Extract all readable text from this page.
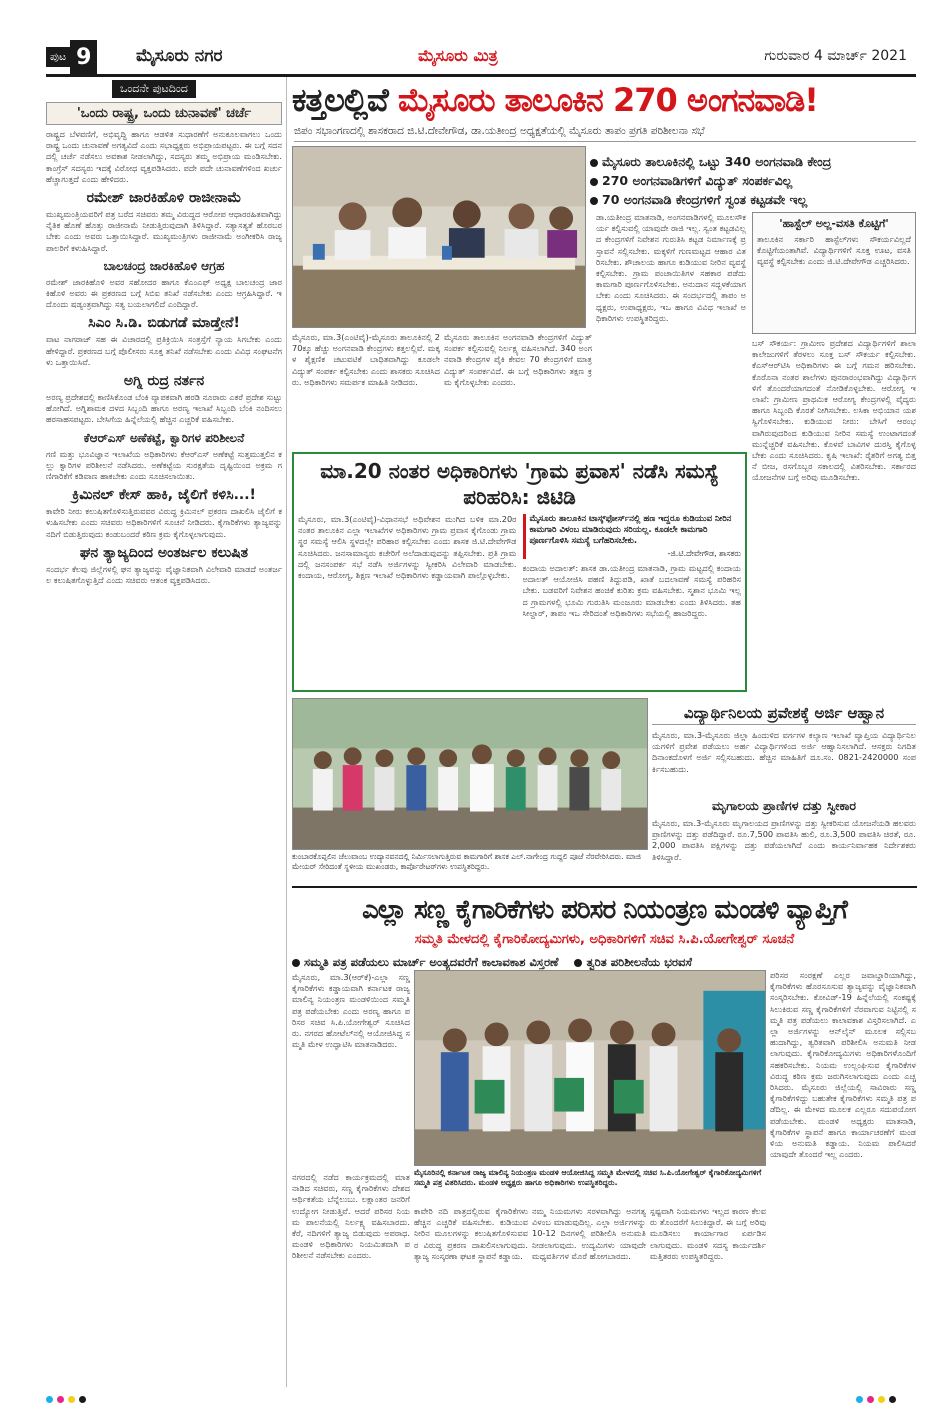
ಪುಟ 9	ಮೈಸೂರು ನಗರ	ಮೈಸೂರು ಮಿತ್ರ	ಗುರುವಾರ 4 ಮಾರ್ಚ್ 2021
ಒಂದನೇ ಪುಟದಿಂದ
'ಒಂದು ರಾಷ್ಟ್ರ, ಒಂದು ಚುನಾವಣೆ' ಚರ್ಚೆ
ರಾಷ್ಟ್ರದ ಬೆಳವಣಿಗೆ, ಅಭಿವೃದ್ಧಿ ಹಾಗೂ ಆಡಳಿತ ಸುಧಾರಣೆಗೆ ಅನುಕೂಲವಾಗಲು ಒಂದು ರಾಷ್ಟ್ರ ಒಂದು ಚುನಾವಣೆ ಅಗತ್ಯವಿದೆ ಎಂದು ಸಭಾಧ್ಯಕ್ಷರು ಅಭಿಪ್ರಾಯಪಟ್ಟರು. ಈ ಬಗ್ಗೆ ಸದನದಲ್ಲಿ ಚರ್ಚೆ ನಡೆಸಲು ಅವಕಾಶ ನೀಡಲಾಗಿದ್ದು, ಸದಸ್ಯರು ತಮ್ಮ ಅಭಿಪ್ರಾಯ ಮಂಡಿಸಬೇಕು. ಕಾಂಗ್ರೆಸ್ ಸದಸ್ಯರು ಇದಕ್ಕೆ ವಿರೋಧ ವ್ಯಕ್ತಪಡಿಸಿದರು. ಪದೇ ಪದೇ ಚುನಾವಣೆಗಳಿಂದ ಖರ್ಚು ಹೆಚ್ಚಾಗುತ್ತದೆ ಎಂದು ಹೇಳಿದರು.
ರಮೇಶ್ ಜಾರಕಿಹೊಳಿ ರಾಜೀನಾಮೆ
ಮುಖ್ಯಮಂತ್ರಿಯವರಿಗೆ ಪತ್ರ ಬರೆದ ಸಚಿವರು ತಮ್ಮ ವಿರುದ್ಧದ ಆರೋಪ ಆಧಾರರಹಿತವಾಗಿದ್ದು ನೈತಿಕ ಹೊಣೆ ಹೊತ್ತು ರಾಜೀನಾಮೆ ನೀಡುತ್ತಿರುವುದಾಗಿ ತಿಳಿಸಿದ್ದಾರೆ. ಸತ್ಯಾಸತ್ಯತೆ ಹೊರಬರಬೇಕು ಎಂದು ಅವರು ಒತ್ತಾಯಿಸಿದ್ದಾರೆ. ಮುಖ್ಯಮಂತ್ರಿಗಳು ರಾಜೀನಾಮೆ ಅಂಗೀಕರಿಸಿ ರಾಜ್ಯಪಾಲರಿಗೆ ಕಳುಹಿಸಿದ್ದಾರೆ.
ಬಾಲಚಂದ್ರ ಜಾರಕಿಹೊಳಿ ಆಗ್ರಹ
ರಮೇಶ್ ಜಾರಕಿಹೊಳಿ ಅವರ ಸಹೋದರ ಹಾಗೂ ಕೆಎಂಎಫ್ ಅಧ್ಯಕ್ಷ ಬಾಲಚಂದ್ರ ಜಾರಕಿಹೊಳಿ ಅವರು ಈ ಪ್ರಕರಣದ ಬಗ್ಗೆ ಸಿಬಿಐ ತನಿಖೆ ನಡೆಸಬೇಕು ಎಂದು ಆಗ್ರಹಿಸಿದ್ದಾರೆ. ಇದೊಂದು ಷಡ್ಯಂತ್ರವಾಗಿದ್ದು ಸತ್ಯ ಬಯಲಾಗಲಿದೆ ಎಂದಿದ್ದಾರೆ.
ಸಿಎಂ ಸಿ.ಡಿ. ಬಿಡುಗಡೆ ಮಾಡ್ತೇನೆ!
ವಾಟ ನಾಗರಾಜ್ ಸಹ ಈ ವಿಚಾರದಲ್ಲಿ ಪ್ರತಿಕ್ರಿಯಿಸಿ ಸಂತ್ರಸ್ತೆಗೆ ನ್ಯಾಯ ಸಿಗಬೇಕು ಎಂದು ಹೇಳಿದ್ದಾರೆ. ಪ್ರಕರಣದ ಬಗ್ಗೆ ಪೊಲೀಸರು ಸೂಕ್ತ ತನಿಖೆ ನಡೆಸಬೇಕು ಎಂದು ವಿವಿಧ ಸಂಘಟನೆಗಳು ಒತ್ತಾಯಿಸಿವೆ.
ಅಗ್ನಿ ರುದ್ರ ನರ್ತನ
ಅರಣ್ಯ ಪ್ರದೇಶದಲ್ಲಿ ಕಾಣಿಸಿಕೊಂಡ ಬೆಂಕಿ ವ್ಯಾಪಕವಾಗಿ ಹರಡಿ ನೂರಾರು ಎಕರೆ ಪ್ರದೇಶ ಸುಟ್ಟು ಹೋಗಿದೆ. ಅಗ್ನಿಶಾಮಕ ದಳದ ಸಿಬ್ಬಂದಿ ಹಾಗೂ ಅರಣ್ಯ ಇಲಾಖೆ ಸಿಬ್ಬಂದಿ ಬೆಂಕಿ ನಂದಿಸಲು ಹರಸಾಹಸಪಟ್ಟರು. ಬೇಸಿಗೆಯ ಹಿನ್ನೆಲೆಯಲ್ಲಿ ಹೆಚ್ಚಿನ ಎಚ್ಚರಿಕೆ ವಹಿಸಬೇಕು.
ಕೆಆರ್‌ಎಸ್ ಅಣೆಕಟ್ಟೆ, ಕ್ವಾರಿಗಳ ಪರಿಶೀಲನೆ
ಗಣಿ ಮತ್ತು ಭೂವಿಜ್ಞಾನ ಇಲಾಖೆಯ ಅಧಿಕಾರಿಗಳು ಕೆಆರ್‌ಎಸ್ ಅಣೆಕಟ್ಟೆ ಸುತ್ತಮುತ್ತಲಿನ ಕಲ್ಲು ಕ್ವಾರಿಗಳ ಪರಿಶೀಲನೆ ನಡೆಸಿದರು. ಅಣೆಕಟ್ಟೆಯ ಸುರಕ್ಷತೆಯ ದೃಷ್ಟಿಯಿಂದ ಅಕ್ರಮ ಗಣಿಗಾರಿಕೆಗೆ ಕಡಿವಾಣ ಹಾಕಬೇಕು ಎಂದು ಸೂಚಿಸಲಾಯಿತು.
ಕ್ರಿಮಿನಲ್ ಕೇಸ್ ಹಾಕಿ, ಜೈಲಿಗೆ ಕಳಿಸಿ...!
ಕಾವೇರಿ ನೀರು ಕಲುಷಿತಗೊಳಿಸುತ್ತಿರುವವರ ವಿರುದ್ಧ ಕ್ರಿಮಿನಲ್ ಪ್ರಕರಣ ದಾಖಲಿಸಿ ಜೈಲಿಗೆ ಕಳುಹಿಸಬೇಕು ಎಂದು ಸಚಿವರು ಅಧಿಕಾರಿಗಳಿಗೆ ಸೂಚನೆ ನೀಡಿದರು. ಕೈಗಾರಿಕೆಗಳು ತ್ಯಾಜ್ಯವನ್ನು ನದಿಗೆ ಬಿಡುತ್ತಿರುವುದು ಕಂಡುಬಂದರೆ ಕಠಿಣ ಕ್ರಮ ಕೈಗೊಳ್ಳಲಾಗುವುದು.
ಘನ ತ್ಯಾಜ್ಯದಿಂದ ಅಂತರ್ಜಲ ಕಲುಷಿತ
ಸಂದರ್ಭ ಕೆಲವು ಜಿಲ್ಲೆಗಳಲ್ಲಿ ಘನ ತ್ಯಾಜ್ಯವನ್ನು ವೈಜ್ಞಾನಿಕವಾಗಿ ವಿಲೇವಾರಿ ಮಾಡದೆ ಅಂತರ್ಜಲ ಕಲುಷಿತಗೊಳ್ಳುತ್ತಿದೆ ಎಂದು ಸಚಿವರು ಆತಂಕ ವ್ಯಕ್ತಪಡಿಸಿದರು.
ಕತ್ತಲಲ್ಲಿವೆ ಮೈಸೂರು ತಾಲೂಕಿನ 270 ಅಂಗನವಾಡಿ!
ಜಿಪಂ ಸಭಾಂಗಣದಲ್ಲಿ ಶಾಸಕರಾದ ಜಿ.ಟಿ.ದೇವೇಗೌಡ, ಡಾ.ಯತೀಂದ್ರ ಅಧ್ಯಕ್ಷತೆಯಲ್ಲಿ ಮೈಸೂರು ತಾಪಂ ಪ್ರಗತಿ ಪರಿಶೀಲನಾ ಸಭೆ
ಮೈಸೂರು ತಾಲೂಕಿನಲ್ಲಿ ಒಟ್ಟು 340 ಅಂಗನವಾಡಿ ಕೇಂದ್ರ
270 ಅಂಗನವಾಡಿಗಳಿಗೆ ವಿದ್ಯುತ್ ಸಂಪರ್ಕವಿಲ್ಲ
70 ಅಂಗನವಾಡಿ ಕೇಂದ್ರಗಳಿಗೆ ಸ್ವಂತ ಕಟ್ಟಡವೇ ಇಲ್ಲ
ಮೈಸೂರು, ಮಾ.3(ಎಂಟಿವೈ)-ಮೈಸೂರು ತಾಲೂಕಿನಲ್ಲಿ 270ಕ್ಕೂ ಹೆಚ್ಚು ಅಂಗನವಾಡಿ ಕೇಂದ್ರಗಳು ಕತ್ತಲಲ್ಲಿವೆ. ಮಕ್ಕಳ ಶೈಕ್ಷಣಿಕ ಚಟುವಟಿಕೆ ಬಾಧಿತವಾಗಿದ್ದು ಕೂಡಲೇ ವಿದ್ಯುತ್ ಸಂಪರ್ಕ ಕಲ್ಪಿಸಬೇಕು ಎಂದು ಶಾಸಕರು ಸೂಚಿಸಿದರು. ಅಧಿಕಾರಿಗಳು ಸಮರ್ಪಕ ಮಾಹಿತಿ ನೀಡಿದರು.
ಮೈಸೂರು ತಾಲೂಕಿನ ಅಂಗನವಾಡಿ ಕೇಂದ್ರಗಳಿಗೆ ವಿದ್ಯುತ್ ಸಂಪರ್ಕ ಕಲ್ಪಿಸುವಲ್ಲಿ ನಿರ್ಲಕ್ಷ್ಯ ವಹಿಸಲಾಗಿದೆ. 340 ಅಂಗನವಾಡಿ ಕೇಂದ್ರಗಳ ಪೈಕಿ ಕೇವಲ 70 ಕೇಂದ್ರಗಳಿಗೆ ಮಾತ್ರ ವಿದ್ಯುತ್ ಸಂಪರ್ಕವಿದೆ. ಈ ಬಗ್ಗೆ ಅಧಿಕಾರಿಗಳು ತಕ್ಷಣ ಕ್ರಮ ಕೈಗೊಳ್ಳಬೇಕು ಎಂದರು.
ಡಾ.ಯತೀಂದ್ರ ಮಾತನಾಡಿ, ಅಂಗನವಾಡಿಗಳಲ್ಲಿ ಮೂಲಸೌಕರ್ಯ ಕಲ್ಪಿಸುವಲ್ಲಿ ಯಾವುದೇ ರಾಜಿ ಇಲ್ಲ. ಸ್ವಂತ ಕಟ್ಟಡವಿಲ್ಲದ ಕೇಂದ್ರಗಳಿಗೆ ನಿವೇಶನ ಗುರುತಿಸಿ ಕಟ್ಟಡ ನಿರ್ಮಾಣಕ್ಕೆ ಪ್ರಸ್ತಾವನೆ ಸಲ್ಲಿಸಬೇಕು. ಮಕ್ಕಳಿಗೆ ಗುಣಮಟ್ಟದ ಆಹಾರ ವಿತರಿಸಬೇಕು. ಶೌಚಾಲಯ ಹಾಗೂ ಕುಡಿಯುವ ನೀರಿನ ವ್ಯವಸ್ಥೆ ಕಲ್ಪಿಸಬೇಕು. ಗ್ರಾಮ ಪಂಚಾಯಿತಿಗಳ ಸಹಕಾರ ಪಡೆದು ಕಾಮಗಾರಿ ಪೂರ್ಣಗೊಳಿಸಬೇಕು. ಅನುದಾನ ಸದ್ಬಳಕೆಯಾಗಬೇಕು ಎಂದು ಸೂಚಿಸಿದರು. ಈ ಸಂದರ್ಭದಲ್ಲಿ ತಾಪಂ ಅಧ್ಯಕ್ಷರು, ಉಪಾಧ್ಯಕ್ಷರು, ಇಒ ಹಾಗೂ ವಿವಿಧ ಇಲಾಖೆ ಅಧಿಕಾರಿಗಳು ಉಪಸ್ಥಿತರಿದ್ದರು.
'ಹಾಸ್ಟೆಲ್ ಅಲ್ಲ-ವಸತಿ ಕೊಟ್ಟಿಗೆ'
ತಾಲೂಕಿನ ಸರ್ಕಾರಿ ಹಾಸ್ಟೆಲ್‌ಗಳು ಸೌಕರ್ಯವಿಲ್ಲದೆ ಕೊಟ್ಟಿಗೆಯಂತಾಗಿವೆ. ವಿದ್ಯಾರ್ಥಿಗಳಿಗೆ ಸೂಕ್ತ ಊಟ, ವಸತಿ ವ್ಯವಸ್ಥೆ ಕಲ್ಪಿಸಬೇಕು ಎಂದು ಜಿ.ಟಿ.ದೇವೇಗೌಡ ಎಚ್ಚರಿಸಿದರು.
ಬಸ್ ಸೌಕರ್ಯ: ಗ್ರಾಮೀಣ ಪ್ರದೇಶದ ವಿದ್ಯಾರ್ಥಿಗಳಿಗೆ ಶಾಲಾ ಕಾಲೇಜುಗಳಿಗೆ ತೆರಳಲು ಸೂಕ್ತ ಬಸ್ ಸೌಕರ್ಯ ಕಲ್ಪಿಸಬೇಕು. ಕೆಎಸ್‌ಆರ್‌ಟಿಸಿ ಅಧಿಕಾರಿಗಳು ಈ ಬಗ್ಗೆ ಗಮನ ಹರಿಸಬೇಕು. ಕೊರೊನಾ ನಂತರ ಶಾಲೆಗಳು ಪುನರಾರಂಭವಾಗಿದ್ದು ವಿದ್ಯಾರ್ಥಿಗಳಿಗೆ ತೊಂದರೆಯಾಗದಂತೆ ನೋಡಿಕೊಳ್ಳಬೇಕು. ಆರೋಗ್ಯ ಇಲಾಖೆ: ಗ್ರಾಮೀಣ ಪ್ರಾಥಮಿಕ ಆರೋಗ್ಯ ಕೇಂದ್ರಗಳಲ್ಲಿ ವೈದ್ಯರು ಹಾಗೂ ಸಿಬ್ಬಂದಿ ಕೊರತೆ ನೀಗಿಸಬೇಕು. ಲಸಿಕಾ ಅಭಿಯಾನ ಯಶಸ್ವಿಗೊಳಿಸಬೇಕು. ಕುಡಿಯುವ ನೀರು: ಬೇಸಿಗೆ ಆರಂಭವಾಗಿರುವುದರಿಂದ ಕುಡಿಯುವ ನೀರಿನ ಸಮಸ್ಯೆ ಉಂಟಾಗದಂತೆ ಮುನ್ನೆಚ್ಚರಿಕೆ ವಹಿಸಬೇಕು. ಕೊಳವೆ ಬಾವಿಗಳ ದುರಸ್ತಿ ಕೈಗೊಳ್ಳಬೇಕು ಎಂದು ಸೂಚಿಸಿದರು. ಕೃಷಿ ಇಲಾಖೆ: ರೈತರಿಗೆ ಅಗತ್ಯ ಬಿತ್ತನೆ ಬೀಜ, ರಸಗೊಬ್ಬರ ಸಕಾಲದಲ್ಲಿ ವಿತರಿಸಬೇಕು. ಸರ್ಕಾರದ ಯೋಜನೆಗಳ ಬಗ್ಗೆ ಅರಿವು ಮೂಡಿಸಬೇಕು.
ಮಾ.20 ನಂತರ ಅಧಿಕಾರಿಗಳು 'ಗ್ರಾಮ ಪ್ರವಾಸ' ನಡೆಸಿ ಸಮಸ್ಯೆ ಪರಿಹರಿಸಿ: ಜಿಟಿಡಿ
ಮೈಸೂರು, ಮಾ.3(ಎಂಟಿವೈ)-ವಿಧಾನಸಭೆ ಅಧಿವೇಶನ ಮುಗಿದ ಬಳಿಕ ಮಾ.20ರ ನಂತರ ತಾಲೂಕಿನ ಎಲ್ಲಾ ಇಲಾಖೆಗಳ ಅಧಿಕಾರಿಗಳು ಗ್ರಾಮ ಪ್ರವಾಸ ಕೈಗೊಂಡು ಗ್ರಾಮಸ್ಥರ ಸಮಸ್ಯೆ ಆಲಿಸಿ ಸ್ಥಳದಲ್ಲೇ ಪರಿಹಾರ ಕಲ್ಪಿಸಬೇಕು ಎಂದು ಶಾಸಕ ಜಿ.ಟಿ.ದೇವೇಗೌಡ ಸೂಚಿಸಿದರು. ಜನಸಾಮಾನ್ಯರು ಕಚೇರಿಗೆ ಅಲೆದಾಡುವುದನ್ನು ತಪ್ಪಿಸಬೇಕು. ಪ್ರತಿ ಗ್ರಾಮದಲ್ಲಿ ಜನಸಂಪರ್ಕ ಸಭೆ ನಡೆಸಿ ಅರ್ಜಿಗಳನ್ನು ಸ್ವೀಕರಿಸಿ ವಿಲೇವಾರಿ ಮಾಡಬೇಕು. ಕಂದಾಯ, ಆರೋಗ್ಯ, ಶಿಕ್ಷಣ ಇಲಾಖೆ ಅಧಿಕಾರಿಗಳು ಕಡ್ಡಾಯವಾಗಿ ಪಾಲ್ಗೊಳ್ಳಬೇಕು.
ಮೈಸೂರು ತಾಲೂಕಿನ ಟಾಸ್ಕ್‌ಫೋರ್ಸ್‌ನಲ್ಲಿ ಹಣ ಇದ್ದರೂ ಕುಡಿಯುವ ನೀರಿನ ಕಾಮಗಾರಿ ವಿಳಂಬ ಮಾಡಿರುವುದು ಸರಿಯಲ್ಲ. ಕೂಡಲೇ ಕಾಮಗಾರಿ ಪೂರ್ಣಗೊಳಿಸಿ ಸಮಸ್ಯೆ ಬಗೆಹರಿಸಬೇಕು.
-ಜಿ.ಟಿ.ದೇವೇಗೌಡ, ಶಾಸಕರು
ಕಂದಾಯ ಅದಾಲತ್: ಶಾಸಕ ಡಾ.ಯತೀಂದ್ರ ಮಾತನಾಡಿ, ಗ್ರಾಮ ಮಟ್ಟದಲ್ಲಿ ಕಂದಾಯ ಅದಾಲತ್ ಆಯೋಜಿಸಿ ಪಹಣಿ ತಿದ್ದುಪಡಿ, ಖಾತೆ ಬದಲಾವಣೆ ಸಮಸ್ಯೆ ಪರಿಹರಿಸಬೇಕು. ಬಡವರಿಗೆ ನಿವೇಶನ ಹಂಚಿಕೆ ಕುರಿತು ಕ್ರಮ ವಹಿಸಬೇಕು. ಸ್ಮಶಾನ ಭೂಮಿ ಇಲ್ಲದ ಗ್ರಾಮಗಳಲ್ಲಿ ಭೂಮಿ ಗುರುತಿಸಿ ಮಂಜೂರು ಮಾಡಬೇಕು ಎಂದು ತಿಳಿಸಿದರು. ತಹಸೀಲ್ದಾರ್, ತಾಪಂ ಇಒ ಸೇರಿದಂತೆ ಅಧಿಕಾರಿಗಳು ಸಭೆಯಲ್ಲಿ ಹಾಜರಿದ್ದರು.
ಕುಂಬಾರಕೊಪ್ಪಲಿನ ಚೆಲುವಾಂಬ ಉದ್ಯಾನವನದಲ್ಲಿ ನಿರ್ಮಿಸಲಾಗುತ್ತಿರುವ ಕಾಮಗಾರಿಗೆ ಶಾಸಕ ಎಲ್.ನಾಗೇಂದ್ರ ಗುದ್ದಲಿ ಪೂಜೆ ನೆರವೇರಿಸಿದರು. ಮಾಜಿ ಮೇಯರ್ ಸೇರಿದಂತೆ ಸ್ಥಳೀಯ ಮುಖಂಡರು, ಕಾರ್ಪೊರೇಟರ್‌ಗಳು ಉಪಸ್ಥಿತರಿದ್ದರು.
ವಿದ್ಯಾರ್ಥಿನಿಲಯ ಪ್ರವೇಶಕ್ಕೆ ಅರ್ಜಿ ಆಹ್ವಾನ
ಮೈಸೂರು, ಮಾ.3-ಮೈಸೂರು ಜಿಲ್ಲಾ ಹಿಂದುಳಿದ ವರ್ಗಗಳ ಕಲ್ಯಾಣ ಇಲಾಖೆ ವ್ಯಾಪ್ತಿಯ ವಿದ್ಯಾರ್ಥಿನಿಲಯಗಳಿಗೆ ಪ್ರವೇಶ ಪಡೆಯಲು ಅರ್ಹ ವಿದ್ಯಾರ್ಥಿಗಳಿಂದ ಅರ್ಜಿ ಆಹ್ವಾನಿಸಲಾಗಿದೆ. ಆಸಕ್ತರು ನಿಗದಿತ ದಿನಾಂಕದೊಳಗೆ ಅರ್ಜಿ ಸಲ್ಲಿಸಬಹುದು. ಹೆಚ್ಚಿನ ಮಾಹಿತಿಗೆ ದೂ.ಸಂ. 0821-2420000 ಸಂಪರ್ಕಿಸಬಹುದು.
ಮೃಗಾಲಯ ಪ್ರಾಣಿಗಳ ದತ್ತು ಸ್ವೀಕಾರ
ಮೈಸೂರು, ಮಾ.3-ಮೈಸೂರು ಮೃಗಾಲಯದ ಪ್ರಾಣಿಗಳನ್ನು ದತ್ತು ಸ್ವೀಕರಿಸುವ ಯೋಜನೆಯಡಿ ಹಲವರು ಪ್ರಾಣಿಗಳನ್ನು ದತ್ತು ಪಡೆದಿದ್ದಾರೆ. ರೂ.7,500 ಪಾವತಿಸಿ ಹುಲಿ, ರೂ.3,500 ಪಾವತಿಸಿ ಚಿರತೆ, ರೂ.2,000 ಪಾವತಿಸಿ ಪಕ್ಷಿಗಳನ್ನು ದತ್ತು ಪಡೆಯಲಾಗಿದೆ ಎಂದು ಕಾರ್ಯನಿರ್ವಾಹಕ ನಿರ್ದೇಶಕರು ತಿಳಿಸಿದ್ದಾರೆ.
ಎಲ್ಲಾ ಸಣ್ಣ ಕೈಗಾರಿಕೆಗಳು ಪರಿಸರ ನಿಯಂತ್ರಣ ಮಂಡಳಿ ವ್ಯಾಪ್ತಿಗೆ
ಸಮ್ಮತಿ ಮೇಳದಲ್ಲಿ ಕೈಗಾರಿಕೋದ್ಯಮಿಗಳು, ಅಧಿಕಾರಿಗಳಿಗೆ ಸಚಿವ ಸಿ.ಪಿ.ಯೋಗೇಶ್ವರ್ ಸೂಚನೆ
ಸಮ್ಮತಿ ಪತ್ರ ಪಡೆಯಲು ಮಾರ್ಚ್ ಅಂತ್ಯದವರೆಗೆ ಕಾಲಾವಕಾಶ ವಿಸ್ತರಣೆ	ತ್ವರಿತ ಪರಿಶೀಲನೆಯ ಭರವಸೆ
ಮೈಸೂರು, ಮಾ.3(ಆರ್‌ಕೆ)-ಎಲ್ಲಾ ಸಣ್ಣ ಕೈಗಾರಿಕೆಗಳು ಕಡ್ಡಾಯವಾಗಿ ಕರ್ನಾಟಕ ರಾಜ್ಯ ಮಾಲಿನ್ಯ ನಿಯಂತ್ರಣ ಮಂಡಳಿಯಿಂದ ಸಮ್ಮತಿ ಪತ್ರ ಪಡೆಯಬೇಕು ಎಂದು ಅರಣ್ಯ ಹಾಗೂ ಪರಿಸರ ಸಚಿವ ಸಿ.ಪಿ.ಯೋಗೇಶ್ವರ್ ಸೂಚಿಸಿದರು. ನಗರದ ಹೋಟೆಲ್‌ನಲ್ಲಿ ಆಯೋಜಿಸಿದ್ದ ಸಮ್ಮತಿ ಮೇಳ ಉದ್ಘಾಟಿಸಿ ಮಾತನಾಡಿದರು.
ಮೈಸೂರಿನಲ್ಲಿ ಕರ್ನಾಟಕ ರಾಜ್ಯ ಮಾಲಿನ್ಯ ನಿಯಂತ್ರಣ ಮಂಡಳಿ ಆಯೋಜಿಸಿದ್ದ ಸಮ್ಮತಿ ಮೇಳದಲ್ಲಿ ಸಚಿವ ಸಿ.ಪಿ.ಯೋಗೇಶ್ವರ್ ಕೈಗಾರಿಕೋದ್ಯಮಿಗಳಿಗೆ ಸಮ್ಮತಿ ಪತ್ರ ವಿತರಿಸಿದರು. ಮಂಡಳಿ ಅಧ್ಯಕ್ಷರು ಹಾಗೂ ಅಧಿಕಾರಿಗಳು ಉಪಸ್ಥಿತರಿದ್ದರು.
ಪರಿಸರ ಸಂರಕ್ಷಣೆ ಎಲ್ಲರ ಜವಾಬ್ದಾರಿಯಾಗಿದ್ದು, ಕೈಗಾರಿಕೆಗಳು ಹೊರಸೂಸುವ ತ್ಯಾಜ್ಯವನ್ನು ವೈಜ್ಞಾನಿಕವಾಗಿ ಸಂಸ್ಕರಿಸಬೇಕು. ಕೋವಿಡ್-19 ಹಿನ್ನೆಲೆಯಲ್ಲಿ ಸಂಕಷ್ಟಕ್ಕೆ ಸಿಲುಕಿರುವ ಸಣ್ಣ ಕೈಗಾರಿಕೆಗಳಿಗೆ ನೆರವಾಗುವ ನಿಟ್ಟಿನಲ್ಲಿ ಸಮ್ಮತಿ ಪತ್ರ ಪಡೆಯಲು ಕಾಲಾವಕಾಶ ವಿಸ್ತರಿಸಲಾಗಿದೆ. ಎಲ್ಲಾ ಅರ್ಜಿಗಳನ್ನು ಆನ್‌ಲೈನ್ ಮೂಲಕ ಸಲ್ಲಿಸಬಹುದಾಗಿದ್ದು, ತ್ವರಿತವಾಗಿ ಪರಿಶೀಲಿಸಿ ಅನುಮತಿ ನೀಡಲಾಗುವುದು. ಕೈಗಾರಿಕೋದ್ಯಮಿಗಳು ಅಧಿಕಾರಿಗಳೊಂದಿಗೆ ಸಹಕರಿಸಬೇಕು. ನಿಯಮ ಉಲ್ಲಂಘಿಸುವ ಕೈಗಾರಿಕೆಗಳ ವಿರುದ್ಧ ಕಠಿಣ ಕ್ರಮ ಜರುಗಿಸಲಾಗುವುದು ಎಂದು ಎಚ್ಚರಿಸಿದರು. ಮೈಸೂರು ಜಿಲ್ಲೆಯಲ್ಲಿ ಸಾವಿರಾರು ಸಣ್ಣ ಕೈಗಾರಿಕೆಗಳಿದ್ದು ಬಹುತೇಕ ಕೈಗಾರಿಕೆಗಳು ಸಮ್ಮತಿ ಪತ್ರ ಪಡೆದಿಲ್ಲ. ಈ ಮೇಳದ ಮೂಲಕ ಎಲ್ಲರೂ ಸದುಪಯೋಗ ಪಡೆಯಬೇಕು. ಮಂಡಳಿ ಅಧ್ಯಕ್ಷರು ಮಾತನಾಡಿ, ಕೈಗಾರಿಕೆಗಳ ಸ್ಥಾಪನೆ ಹಾಗೂ ಕಾರ್ಯಾಚರಣೆಗೆ ಮಂಡಳಿಯ ಅನುಮತಿ ಕಡ್ಡಾಯ. ನಿಯಮ ಪಾಲಿಸಿದರೆ ಯಾವುದೇ ತೊಂದರೆ ಇಲ್ಲ ಎಂದರು.
ನಗರದಲ್ಲಿ ನಡೆದ ಕಾರ್ಯಕ್ರಮದಲ್ಲಿ ಮಾತನಾಡಿದ ಸಚಿವರು, ಸಣ್ಣ ಕೈಗಾರಿಕೆಗಳು ದೇಶದ ಆರ್ಥಿಕತೆಯ ಬೆನ್ನೆಲುಬು. ಲಕ್ಷಾಂತರ ಜನರಿಗೆ ಉದ್ಯೋಗ ನೀಡುತ್ತಿವೆ. ಆದರೆ ಪರಿಸರ ನಿಯಮ ಪಾಲನೆಯಲ್ಲಿ ನಿರ್ಲಕ್ಷ್ಯ ವಹಿಸಬಾರದು. ಕೆರೆ, ನದಿಗಳಿಗೆ ತ್ಯಾಜ್ಯ ಬಿಡುವುದು ಅಪರಾಧ. ಮಂಡಳಿ ಅಧಿಕಾರಿಗಳು ನಿಯಮಿತವಾಗಿ ಪರಿಶೀಲನೆ ನಡೆಸಬೇಕು ಎಂದರು.
ಕಾವೇರಿ ನದಿ ಪಾತ್ರದಲ್ಲಿರುವ ಕೈಗಾರಿಕೆಗಳು ಹೆಚ್ಚಿನ ಎಚ್ಚರಿಕೆ ವಹಿಸಬೇಕು. ಕುಡಿಯುವ ನೀರಿನ ಮೂಲಗಳನ್ನು ಕಲುಷಿತಗೊಳಿಸುವವರ ವಿರುದ್ಧ ಪ್ರಕರಣ ದಾಖಲಿಸಲಾಗುವುದು. ತ್ಯಾಜ್ಯ ಸಂಸ್ಕರಣಾ ಘಟಕ ಸ್ಥಾಪನೆ ಕಡ್ಡಾಯ.
ನಮ್ಮ ನಿಯಮಗಳು ಸರಳವಾಗಿದ್ದು ಅನಗತ್ಯ ವಿಳಂಬ ಮಾಡುವುದಿಲ್ಲ. ಎಲ್ಲಾ ಅರ್ಜಿಗಳನ್ನು 10-12 ದಿನಗಳಲ್ಲಿ ಪರಿಶೀಲಿಸಿ ಅನುಮತಿ ನೀಡಲಾಗುವುದು. ಉದ್ಯಮಿಗಳು ಯಾವುದೇ ಮಧ್ಯವರ್ತಿಗಳ ಮೊರೆ ಹೋಗಬಾರದು.
ಸ್ಪಷ್ಟವಾಗಿ ನಿಯಮಗಳು ಇಲ್ಲದ ಕಾರಣ ಕೆಲವರು ತೊಂದರೆಗೆ ಸಿಲುಕಿದ್ದಾರೆ. ಈ ಬಗ್ಗೆ ಅರಿವು ಮೂಡಿಸಲು ಕಾರ್ಯಾಗಾರ ಏರ್ಪಡಿಸಲಾಗುವುದು. ಮಂಡಳಿ ಸದಸ್ಯ ಕಾರ್ಯದರ್ಶಿ ಮತ್ತಿತರರು ಉಪಸ್ಥಿತರಿದ್ದರು.
